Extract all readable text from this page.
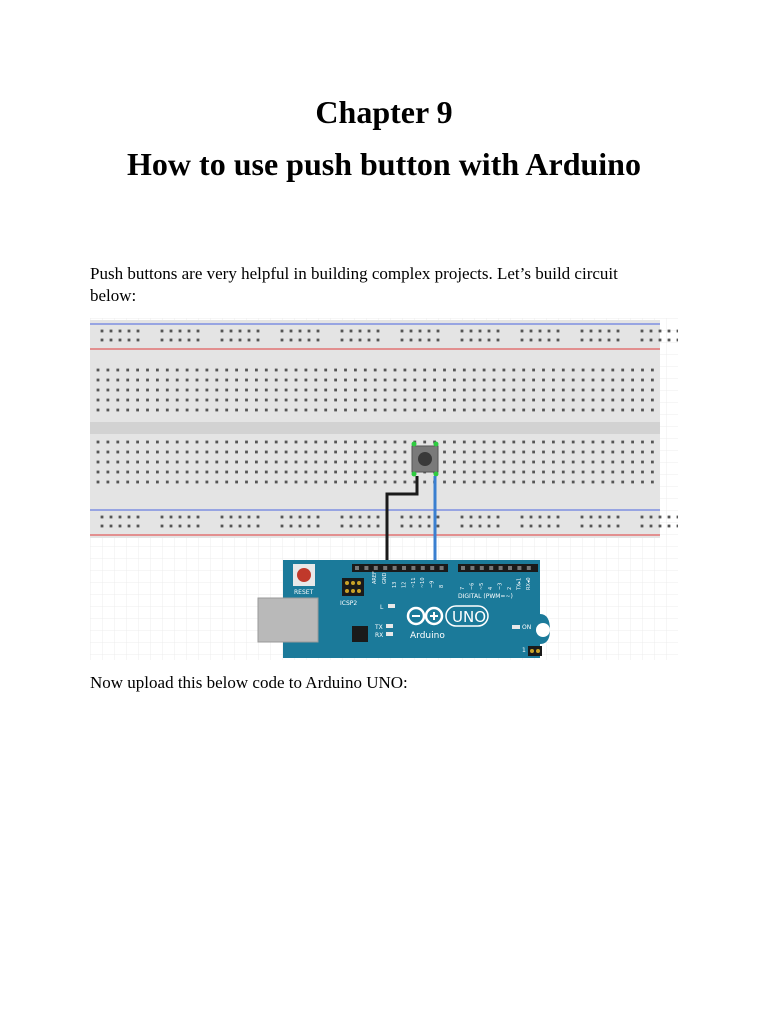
Chapter 9
How to use push button with Arduino

Push buttons are very helpful in building complex projects. Let’s build circuit below:

RESET
ICSP2
GND
AREF
13 12 ~11 ~10 ~9 8
7 ~6 ~5 4 ~3 2 TX▸1 RX◂0
DIGITAL (PWM=~)
L
TX
RX
UNO
Arduino
ON
1

Now upload this below code to Arduino UNO:
